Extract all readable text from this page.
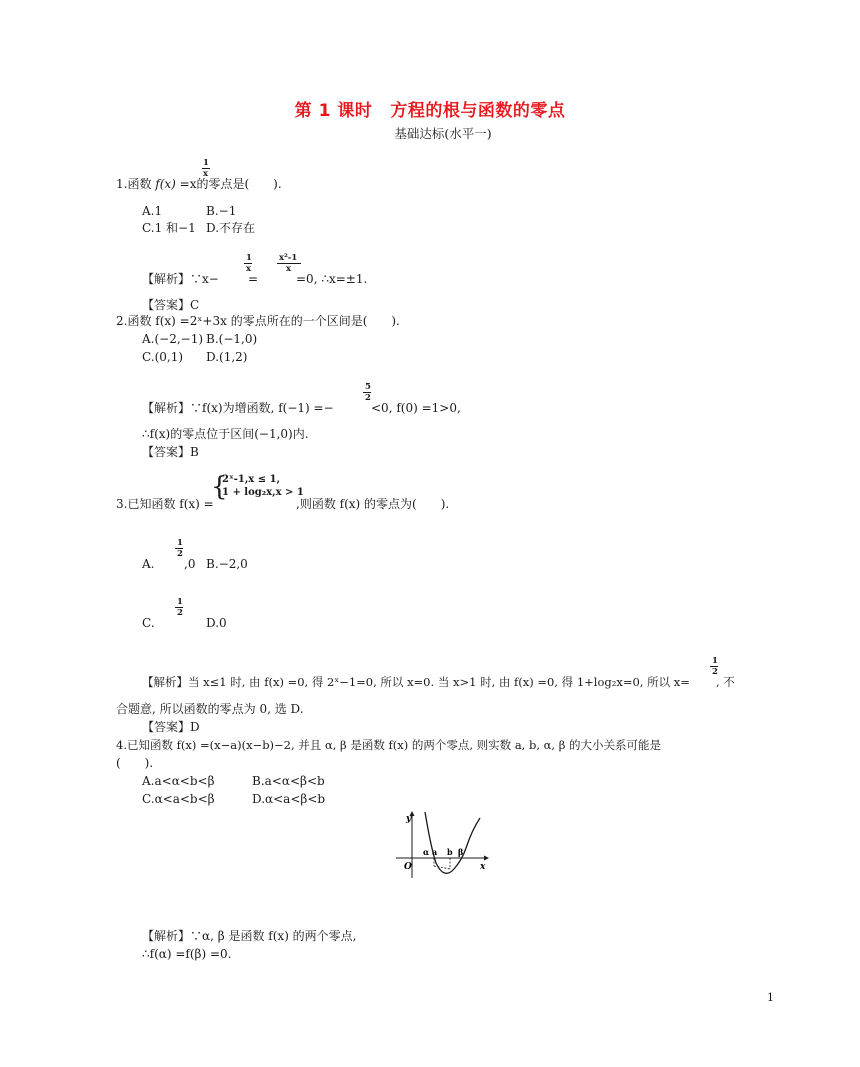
第 1 课时 方程的根与函数的零点
基础达标(水平一)
1
x
1.函数 f(x) =x的零点是(　　).
A.1	B.−1
C.1 和−1 D.不存在
1
x
x²-1
x
【解析】∵x− =	=0, ∴x=±1.
【答案】C
2.函数 f(x) =2ˣ+3x 的零点所在的一个区间是(　　).
A.(−2,−1) B.(−1,0)
C.(0,1) D.(1,2)
5
2
【解析】∵f(x)为增函数, f(−1) =−	<0, f(0) =1>0,
∴f(x)的零点位于区间(−1,0)内.
【答案】B
{
2ˣ-1,x ≤ 1,
1 + log₂x,x > 1
3.已知函数 f(x) =	,则函数 f(x) 的零点为(　　).
1
2
A. ,0 B.−2,0
1
2
C.	D.0
1
2
【解析】当 x≤1 时, 由 f(x) =0, 得 2ˣ−1=0, 所以 x=0. 当 x>1 时, 由 f(x) =0, 得 1+log₂x=0, 所以 x= , 不
合题意, 所以函数的零点为 0, 选 D.
【答案】D
4.已知函数 f(x) =(x−a)(x−b)−2, 并且 α, β 是函数 f(x) 的两个零点, 则实数 a, b, α, β 的大小关系可能是
(　　).
A.a<α<b<β	B.a<α<β<b
C.α<a<b<β	D.α<a<β<b
y
x
O
α a b β
【解析】∵α, β 是函数 f(x) 的两个零点,
∴f(α) =f(β) =0.
1
